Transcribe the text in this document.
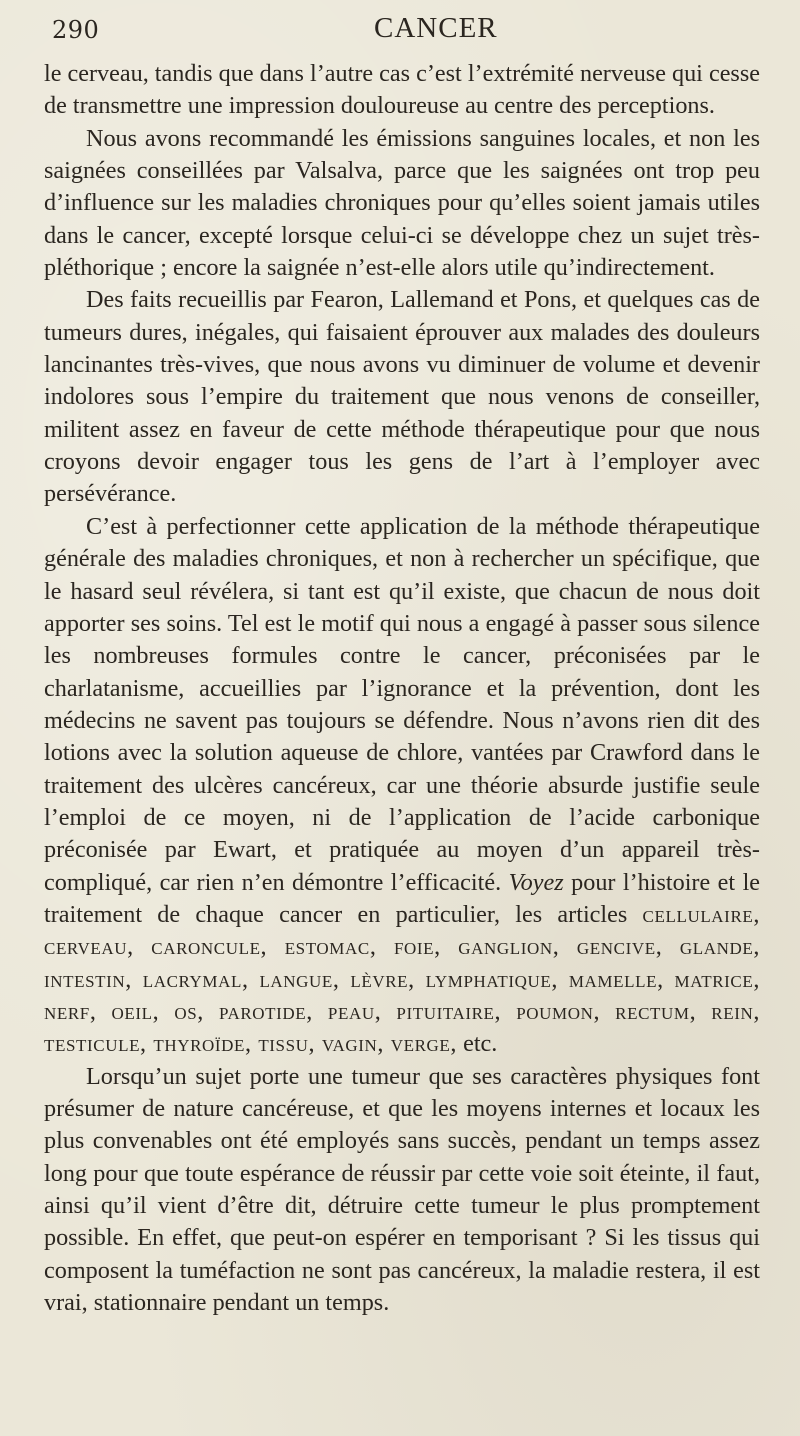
290	CANCER

le cerveau, tandis que dans l’autre cas c’est l’extrémité nerveuse qui cesse de transmettre une impression douloureuse au centre des perceptions.

Nous avons recommandé les émissions sanguines locales, et non les saignées conseillées par Valsalva, parce que les saignées ont trop peu d’influence sur les maladies chroniques pour qu’elles soient jamais utiles dans le cancer, excepté lorsque celui-ci se développe chez un sujet très-pléthorique ; encore la saignée n’est-elle alors utile qu’indirectement.

Des faits recueillis par Fearon, Lallemand et Pons, et quelques cas de tumeurs dures, inégales, qui faisaient éprouver aux malades des douleurs lancinantes très-vives, que nous avons vu diminuer de volume et devenir indolores sous l’empire du traitement que nous venons de conseiller, militent assez en faveur de cette méthode thérapeutique pour que nous croyons devoir engager tous les gens de l’art à l’employer avec persévérance.

C’est à perfectionner cette application de la méthode thérapeutique générale des maladies chroniques, et non à rechercher un spécifique, que le hasard seul révélera, si tant est qu’il existe, que chacun de nous doit apporter ses soins. Tel est le motif qui nous a engagé à passer sous silence les nombreuses formules contre le cancer, préconisées par le charlatanisme, accueillies par l’ignorance et la prévention, dont les médecins ne savent pas toujours se défendre. Nous n’avons rien dit des lotions avec la solution aqueuse de chlore, vantées par Crawford dans le traitement des ulcères cancéreux, car une théorie absurde justifie seule l’emploi de ce moyen, ni de l’application de l’acide carbonique préconisée par Ewart, et pratiquée au moyen d’un appareil très-compliqué, car rien n’en démontre l’efficacité. Voyez pour l’histoire et le traitement de chaque cancer en particulier, les articles cellulaire, cerveau, caroncule, estomac, foie, ganglion, gencive, glande, intestin, lacrymal, langue, lèvre, lymphatique, mamelle, matrice, nerf, oeil, os, parotide, peau, pituitaire, poumon, rectum, rein, testicule, thyroïde, tissu, vagin, verge, etc.

Lorsqu’un sujet porte une tumeur que ses caractères physiques font présumer de nature cancéreuse, et que les moyens internes et locaux les plus convenables ont été employés sans succès, pendant un temps assez long pour que toute espérance de réussir par cette voie soit éteinte, il faut, ainsi qu’il vient d’être dit, détruire cette tumeur le plus promptement possible. En effet, que peut-on espérer en temporisant ? Si les tissus qui composent la tuméfaction ne sont pas cancéreux, la maladie restera, il est vrai, stationnaire pendant un temps.
